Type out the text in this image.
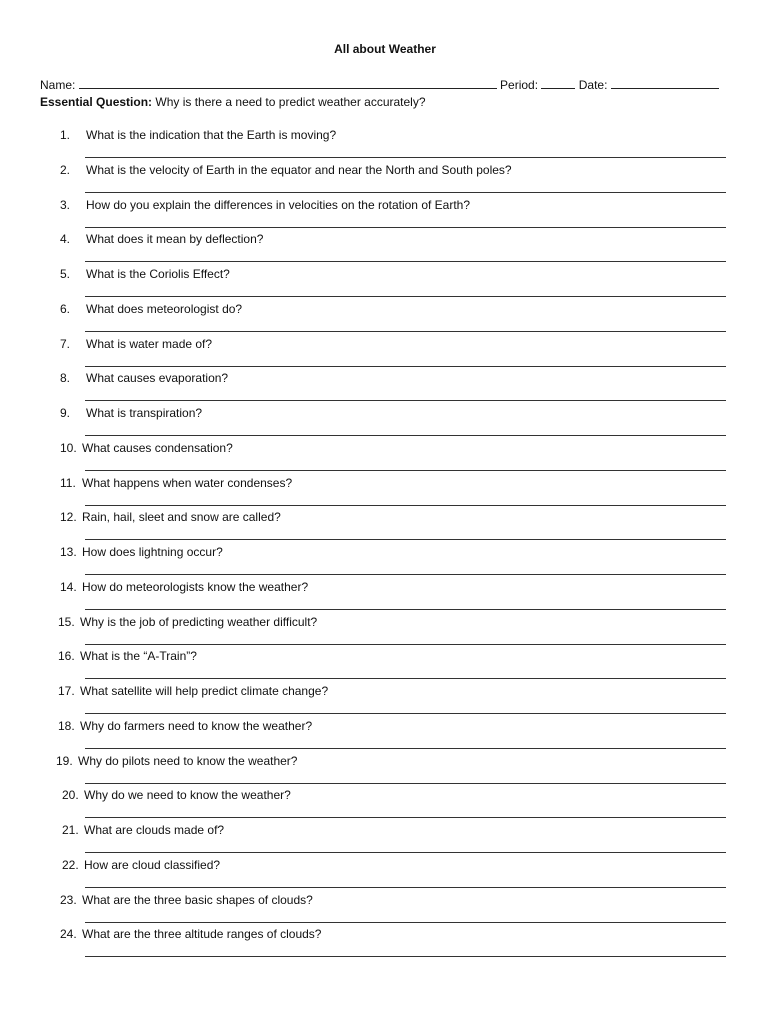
All about Weather
Name:	Period:	Date:
Essential Question: Why is there a need to predict weather accurately?
1. What is the indication that the Earth is moving?
2. What is the velocity of Earth in the equator and near the North and South poles?
3. How do you explain the differences in velocities on the rotation of Earth?
4. What does it mean by deflection?
5. What is the Coriolis Effect?
6. What does meteorologist do?
7. What is water made of?
8. What causes evaporation?
9. What is transpiration?
10. What causes condensation?
11. What happens when water condenses?
12. Rain, hail, sleet and snow are called?
13. How does lightning occur?
14. How do meteorologists know the weather?
15. Why is the job of predicting weather difficult?
16. What is the “A-Train”?
17. What satellite will help predict climate change?
18. Why do farmers need to know the weather?
19. Why do pilots need to know the weather?
20. Why do we need to know the weather?
21. What are clouds made of?
22. How are cloud classified?
23. What are the three basic shapes of clouds?
24. What are the three altitude ranges of clouds?
